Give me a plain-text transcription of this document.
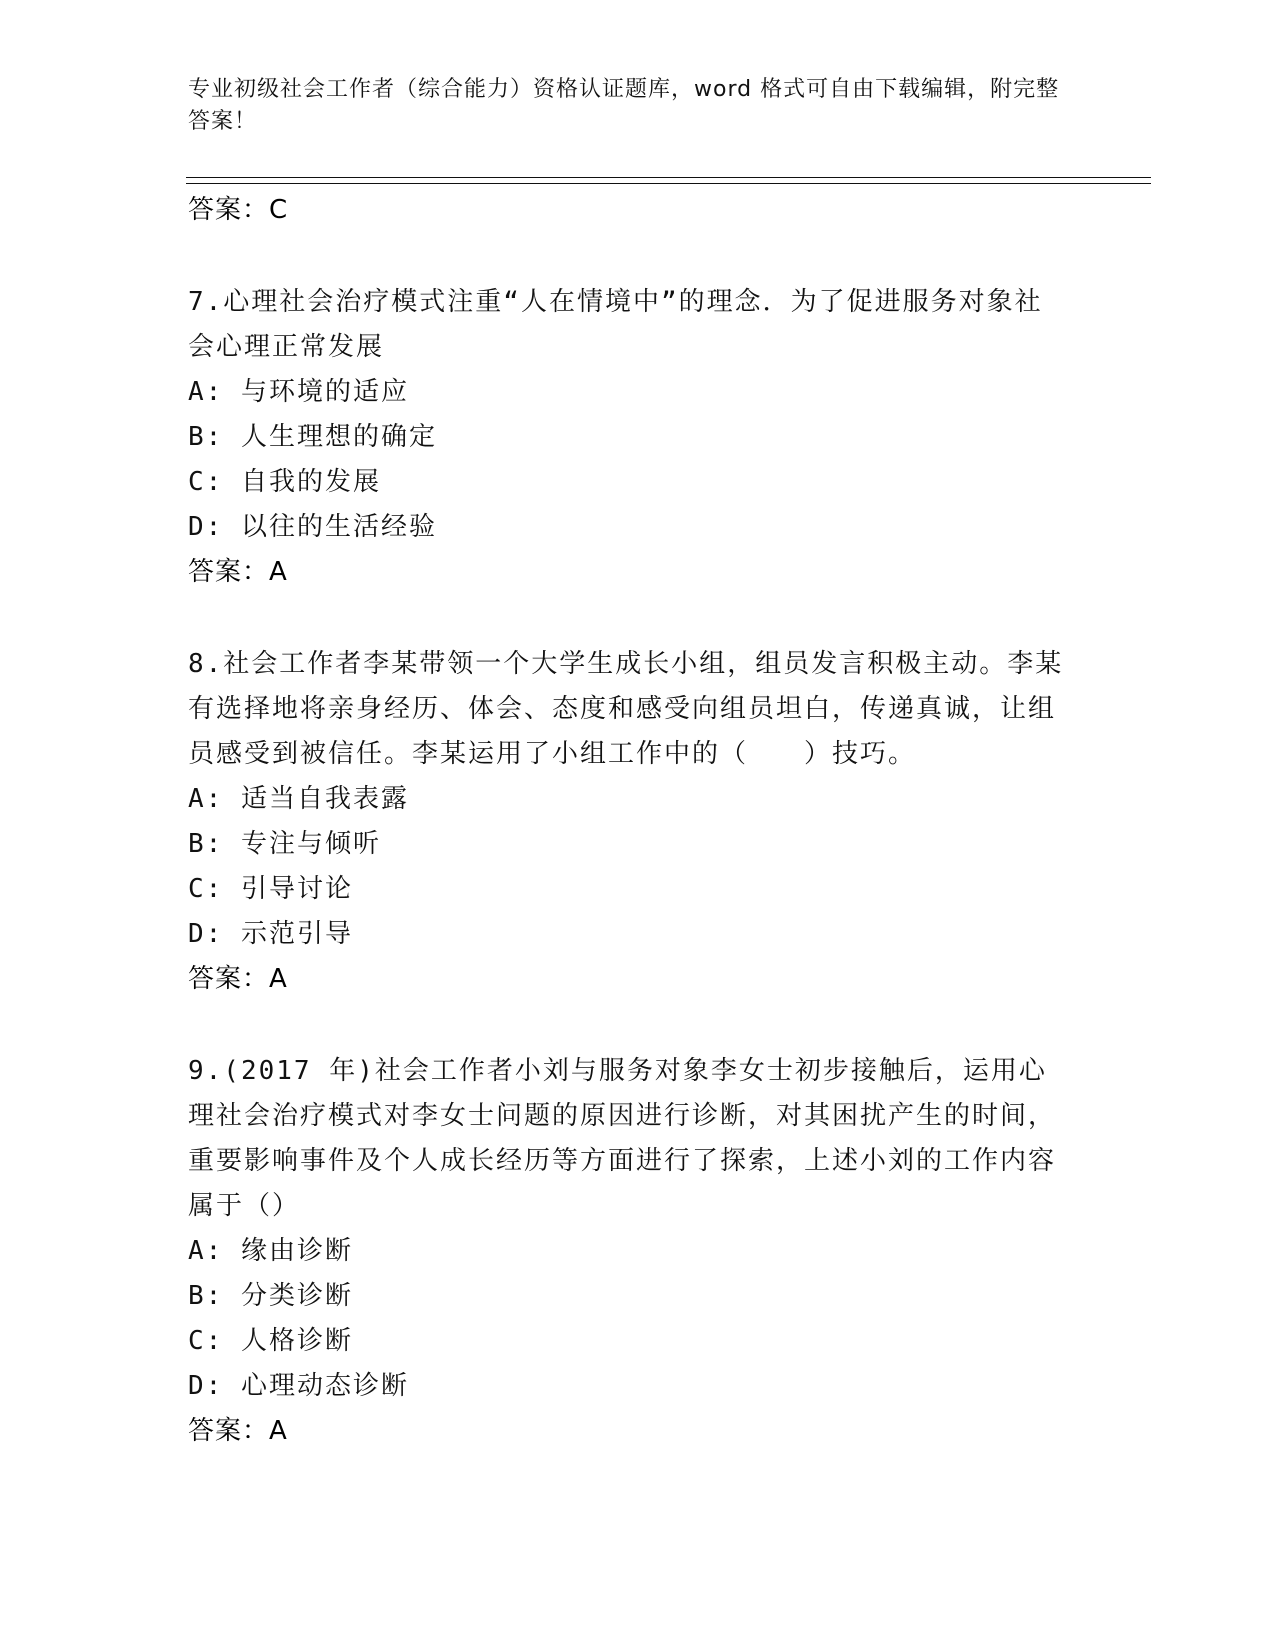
专业初级社会工作者（综合能力）资格认证题库，word 格式可自由下载编辑，附完整答案！
答案：C
7.心理社会治疗模式注重“人在情境中”的理念．为了促进服务对象社会心理正常发展
A: 与环境的适应
B: 人生理想的确定
C: 自我的发展
D: 以往的生活经验
答案：A
8.社会工作者李某带领一个大学生成长小组，组员发言积极主动。李某有选择地将亲身经历、体会、态度和感受向组员坦白，传递真诚，让组员感受到被信任。李某运用了小组工作中的（　　）技巧。
A: 适当自我表露
B: 专注与倾听
C: 引导讨论
D: 示范引导
答案：A
9.(2017 年)社会工作者小刘与服务对象李女士初步接触后，运用心理社会治疗模式对李女士问题的原因进行诊断，对其困扰产生的时间，重要影响事件及个人成长经历等方面进行了探索，上述小刘的工作内容属于（）
A: 缘由诊断
B: 分类诊断
C: 人格诊断
D: 心理动态诊断
答案：A
